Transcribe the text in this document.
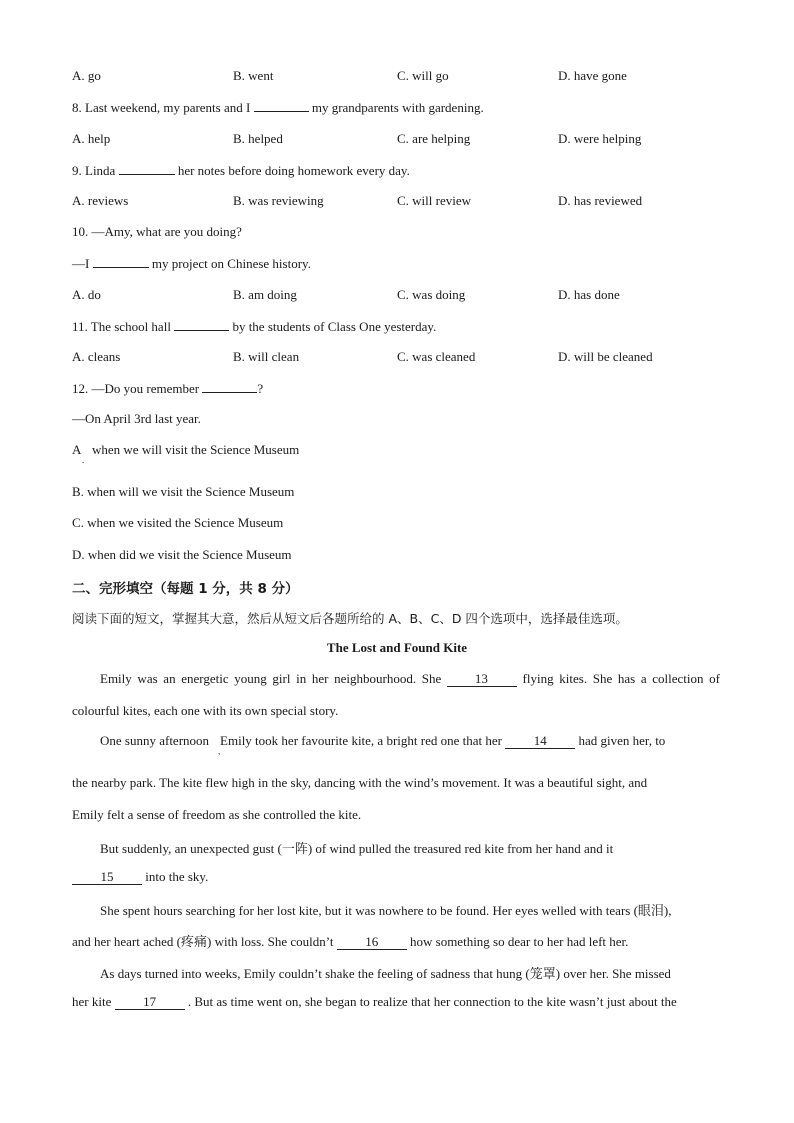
A. go	B. went	C. will go	D. have gone
8. Last weekend, my parents and I	my grandparents with gardening.
A. help	B. helped	C. are helping	D. were helping
9. Linda	her notes before doing homework every day.
A. reviews	B. was reviewing	C. will review	D. has reviewed
10. —Amy, what are you doing?
—I	my project on Chinese history.
A. do	B. am doing	C. was doing	D. has done
11. The school hall	by the students of Class One yesterday.
A. cleans	B. will clean	C. was cleaned	D. will be cleaned
12. —Do you remember	?
—On April 3rd last year.
A
.
when we will visit the Science Museum
B. when will we visit the Science Museum
C. when we visited the Science Museum
D. when did we visit the Science Museum
二、完形填空（每题 1 分，共 8 分）
阅读下面的短文，掌握其大意，然后从短文后各题所给的 A、B、C、D 四个选项中，选择最佳选项。
The Lost and Found Kite
Emily was an energetic young girl in her neighbourhood. She 13 flying kites. She has a collection of
colourful kites, each one with its own special story.
One sunny afternoon Emily took her favourite kite, a bright red one that her 14 had given her, to
,
the nearby park. The kite flew high in the sky, dancing with the wind’s movement. It was a beautiful sight, and
Emily felt a sense of freedom as she controlled the kite.
But suddenly, an unexpected gust (一阵) of wind pulled the treasured red kite from her hand and it
15 into the sky.
She spent hours searching for her lost kite, but it was nowhere to be found. Her eyes welled with tears (眼泪),
and her heart ached (疼痛) with loss. She couldn’t 16 how something so dear to her had left her.
As days turned into weeks, Emily couldn’t shake the feeling of sadness that hung (笼罩) over her. She missed
her kite 17 . But as time went on, she began to realize that her connection to the kite wasn’t just about the
